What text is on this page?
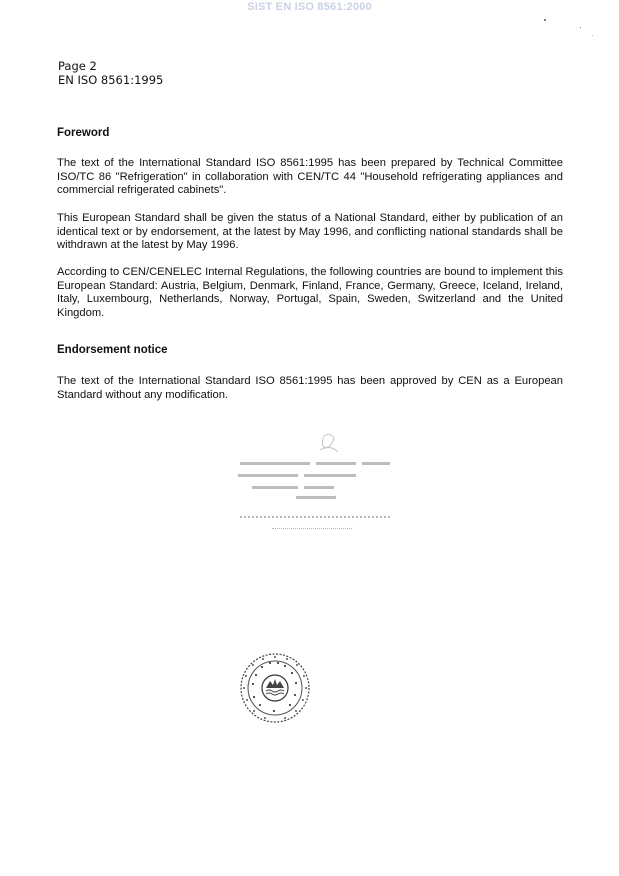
SIST EN ISO 8561:2000
Page 2
EN ISO 8561:1995
Foreword
The text of the International Standard ISO 8561:1995 has been prepared by Technical Committee ISO/TC 86 "Refrigeration" in collaboration with CEN/TC 44 "Household refrigerating appliances and commercial refrigerated cabinets".
This European Standard shall be given the status of a National Standard, either by publication of an identical text or by endorsement, at the latest by May 1996, and conflicting national standards shall be withdrawn at the latest by May 1996.
According to CEN/CENELEC Internal Regulations, the following countries are bound to implement this European Standard: Austria, Belgium, Denmark, Finland, France, Germany, Greece, Iceland, Ireland, Italy, Luxembourg, Netherlands, Norway, Portugal, Spain, Sweden, Switzerland and the United Kingdom.
Endorsement notice
The text of the International Standard ISO 8561:1995 has been approved by CEN as a European Standard without any modification.
